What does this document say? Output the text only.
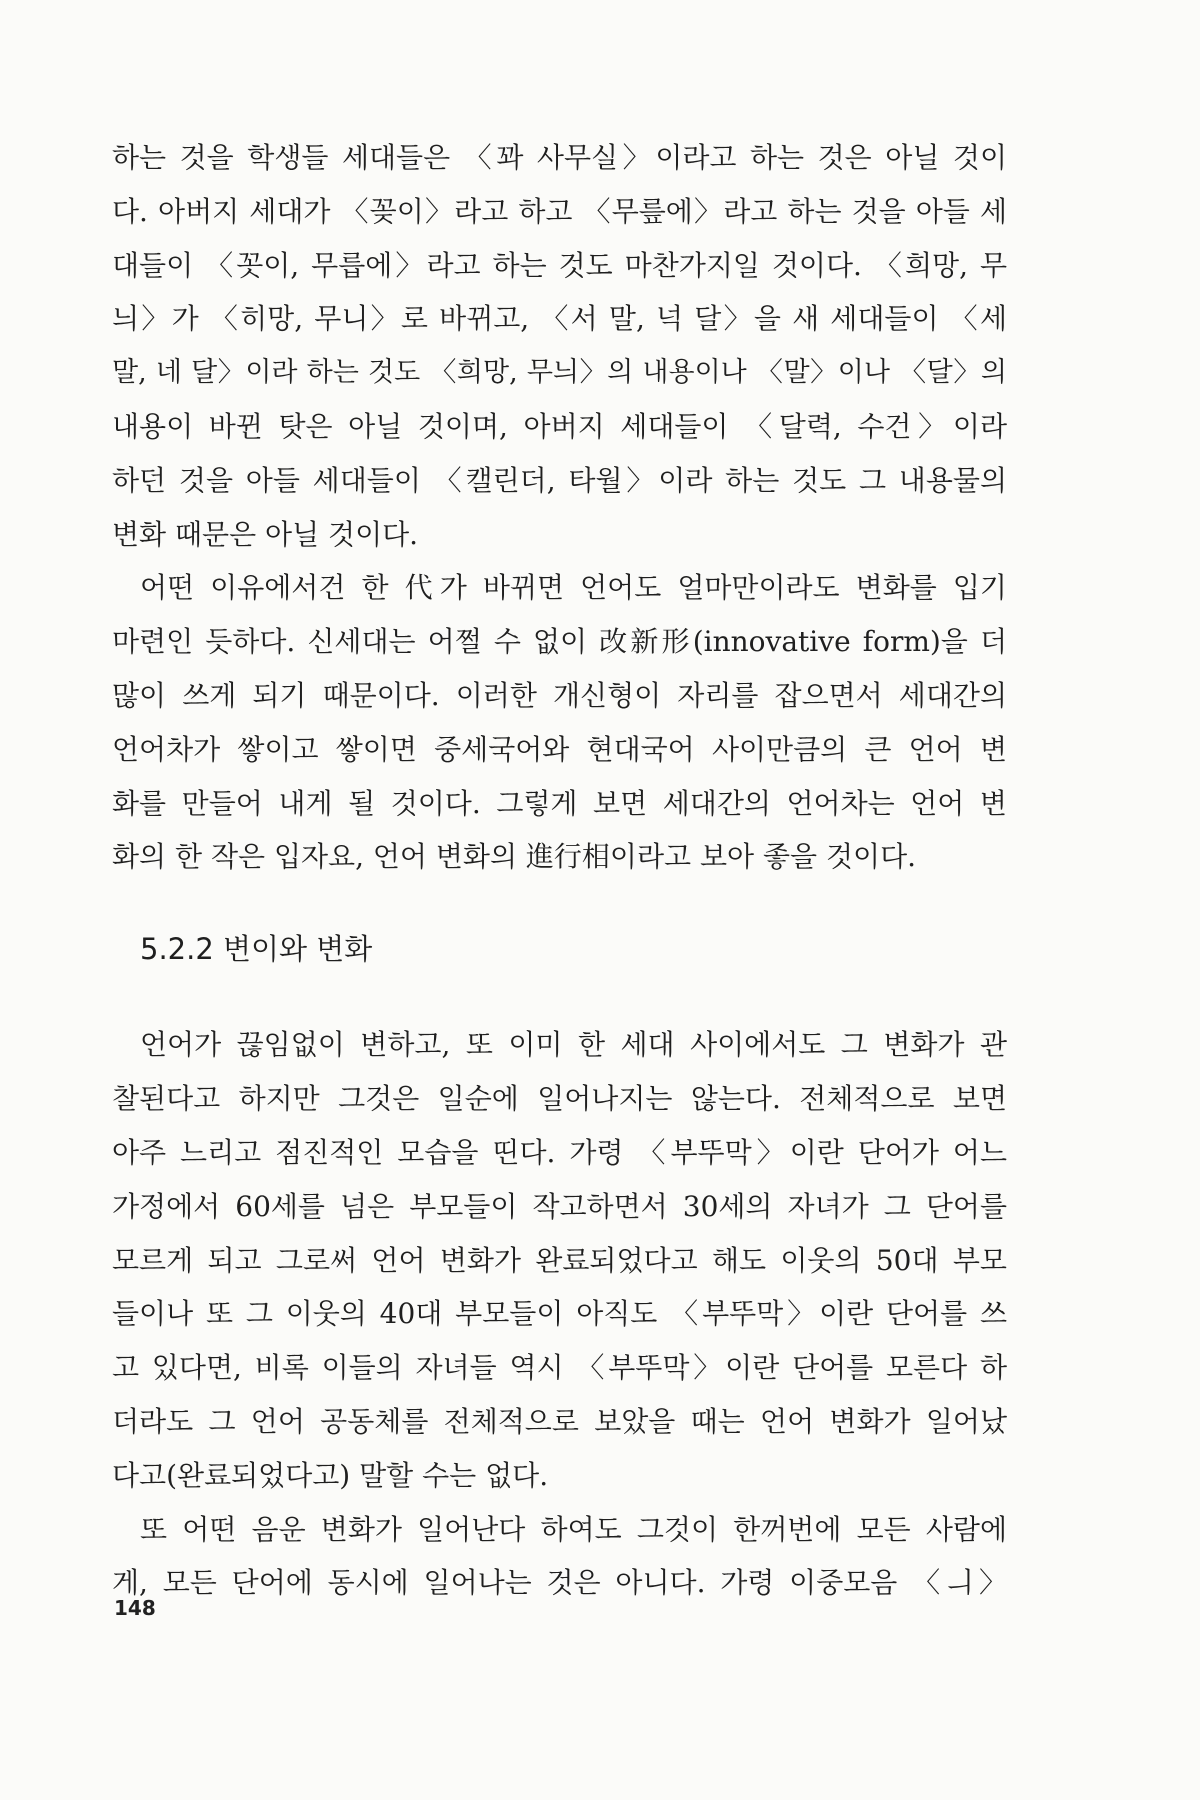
하는 것을 학생들 세대들은 〈꽈 사무실〉이라고 하는 것은 아닐 것이
다. 아버지 세대가 〈꽂이〉라고 하고 〈무릎에〉라고 하는 것을 아들 세
대들이 〈꼿이, 무릅에〉라고 하는 것도 마찬가지일 것이다. 〈희망, 무
늬〉가 〈히망, 무니〉로 바뀌고, 〈서 말, 넉 달〉을 새 세대들이 〈세
말, 네 달〉이라 하는 것도 〈희망, 무늬〉의 내용이나 〈말〉이나 〈달〉의
내용이 바뀐 탓은 아닐 것이며, 아버지 세대들이 〈달력, 수건〉이라
하던 것을 아들 세대들이 〈캘린더, 타월〉이라 하는 것도 그 내용물의
변화 때문은 아닐 것이다.
어떤 이유에서건 한 代가 바뀌면 언어도 얼마만이라도 변화를 입기
마련인 듯하다. 신세대는 어쩔 수 없이 改新形(innovative form)을 더
많이 쓰게 되기 때문이다. 이러한 개신형이 자리를 잡으면서 세대간의
언어차가 쌓이고 쌓이면 중세국어와 현대국어 사이만큼의 큰 언어 변
화를 만들어 내게 될 것이다. 그렇게 보면 세대간의 언어차는 언어 변
화의 한 작은 입자요, 언어 변화의 進行相이라고 보아 좋을 것이다.
5.2.2 변이와 변화
언어가 끊임없이 변하고, 또 이미 한 세대 사이에서도 그 변화가 관
찰된다고 하지만 그것은 일순에 일어나지는 않는다. 전체적으로 보면
아주 느리고 점진적인 모습을 띤다. 가령 〈부뚜막〉이란 단어가 어느
가정에서 60세를 넘은 부모들이 작고하면서 30세의 자녀가 그 단어를
모르게 되고 그로써 언어 변화가 완료되었다고 해도 이웃의 50대 부모
들이나 또 그 이웃의 40대 부모들이 아직도 〈부뚜막〉이란 단어를 쓰
고 있다면, 비록 이들의 자녀들 역시 〈부뚜막〉이란 단어를 모른다 하
더라도 그 언어 공동체를 전체적으로 보았을 때는 언어 변화가 일어났
다고(완료되었다고) 말할 수는 없다.
또 어떤 음운 변화가 일어난다 하여도 그것이 한꺼번에 모든 사람에
게, 모든 단어에 동시에 일어나는 것은 아니다. 가령 이중모음 〈ㅢ〉
148
